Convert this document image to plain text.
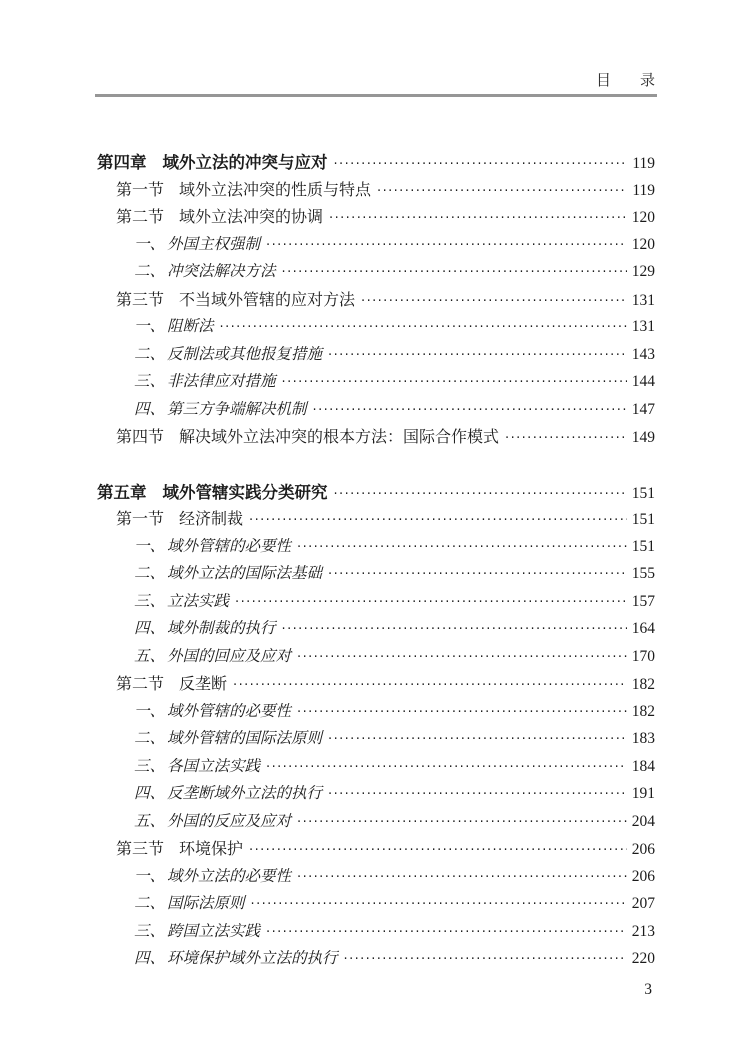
目　录
第四章 域外立法的冲突与应对 ·····	119
第一节 域外立法冲突的性质与特点 ·····	119
第二节 域外立法冲突的协调 ·····	120
一、 外国主权强制 ·····	120
二、 冲突法解决方法 ·····	129
第三节 不当域外管辖的应对方法 ·····	131
一、 阻断法 ·····	131
二、 反制法或其他报复措施 ·····	143
三、 非法律应对措施 ·····	144
四、 第三方争端解决机制 ·····	147
第四节 解决域外立法冲突的根本方法：国际合作模式 ·····	149
第五章 域外管辖实践分类研究 ·····	151
第一节 经济制裁 ·····	151
一、 域外管辖的必要性 ·····	151
二、 域外立法的国际法基础 ·····	155
三、 立法实践 ·····	157
四、 域外制裁的执行 ·····	164
五、 外国的回应及应对 ·····	170
第二节 反垄断 ·····	182
一、 域外管辖的必要性 ·····	182
二、 域外管辖的国际法原则 ·····	183
三、 各国立法实践 ·····	184
四、 反垄断域外立法的执行 ·····	191
五、 外国的反应及应对 ·····	204
第三节 环境保护 ·····	206
一、 域外立法的必要性 ·····	206
二、 国际法原则 ·····	207
三、 跨国立法实践 ·····	213
四、 环境保护域外立法的执行 ·····	220
3
